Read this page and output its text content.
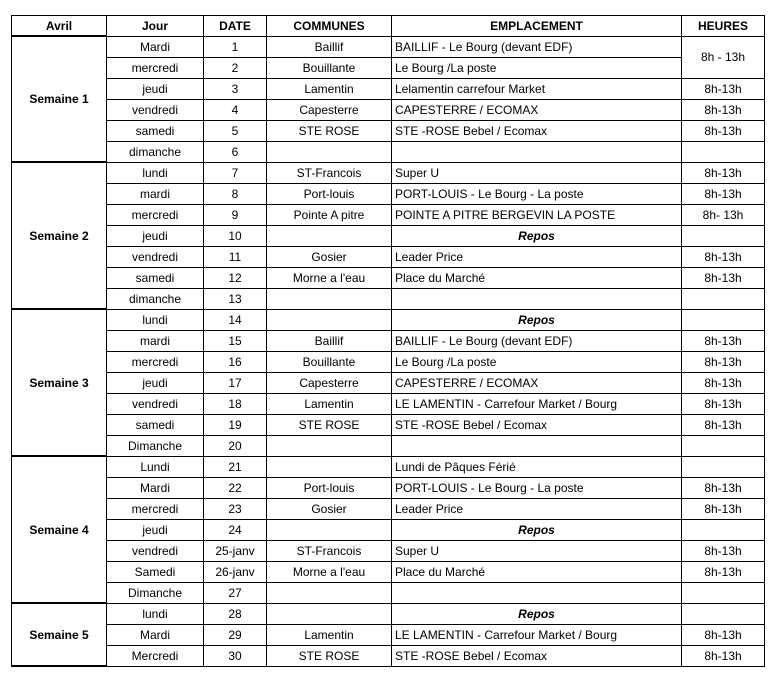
Avril	Jour	DATE	COMMUNES	EMPLACEMENT	HEURES
Semaine 1	Mardi	1	Baillif	BAILLIF - Le Bourg (devant EDF)	8h - 13h
	mercredi	2	Bouillante	Le Bourg /La poste	
	jeudi	3	Lamentin	Lelamentin carrefour Market	8h-13h
	vendredi	4	Capesterre	CAPESTERRE / ECOMAX	8h-13h
	samedi	5	STE ROSE	STE -ROSE Bebel / Ecomax	8h-13h
	dimanche	6			
Semaine 2	lundi	7	ST-Francois	Super U	8h-13h
	mardi	8	Port-louis	PORT-LOUIS - Le Bourg - La poste	8h-13h
	mercredi	9	Pointe A pitre	POINTE A PITRE BERGEVIN LA POSTE	8h- 13h
	jeudi	10		Repos	
	vendredi	11	Gosier	Leader Price	8h-13h
	samedi	12	Morne a l'eau	Place du Marché	8h-13h
	dimanche	13			
Semaine 3	lundi	14		Repos	
	mardi	15	Baillif	BAILLIF - Le Bourg (devant EDF)	8h-13h
	mercredi	16	Bouillante	Le Bourg /La poste	8h-13h
	jeudi	17	Capesterre	CAPESTERRE / ECOMAX	8h-13h
	vendredi	18	Lamentin	LE LAMENTIN - Carrefour Market / Bourg	8h-13h
	samedi	19	STE ROSE	STE -ROSE Bebel / Ecomax	8h-13h
	Dimanche	20			
Semaine 4	Lundi	21		Lundi de Pâques Férié	
	Mardi	22	Port-louis	PORT-LOUIS - Le Bourg - La poste	8h-13h
	mercredi	23	Gosier	Leader Price	8h-13h
	jeudi	24		Repos	
	vendredi	25-janv	ST-Francois	Super U	8h-13h
	Samedi	26-janv	Morne a l'eau	Place du Marché	8h-13h
	Dimanche	27			
Semaine 5	lundi	28		Repos	
	Mardi	29	Lamentin	LE LAMENTIN - Carrefour Market / Bourg	8h-13h
	Mercredi	30	STE ROSE	STE -ROSE Bebel / Ecomax	8h-13h
